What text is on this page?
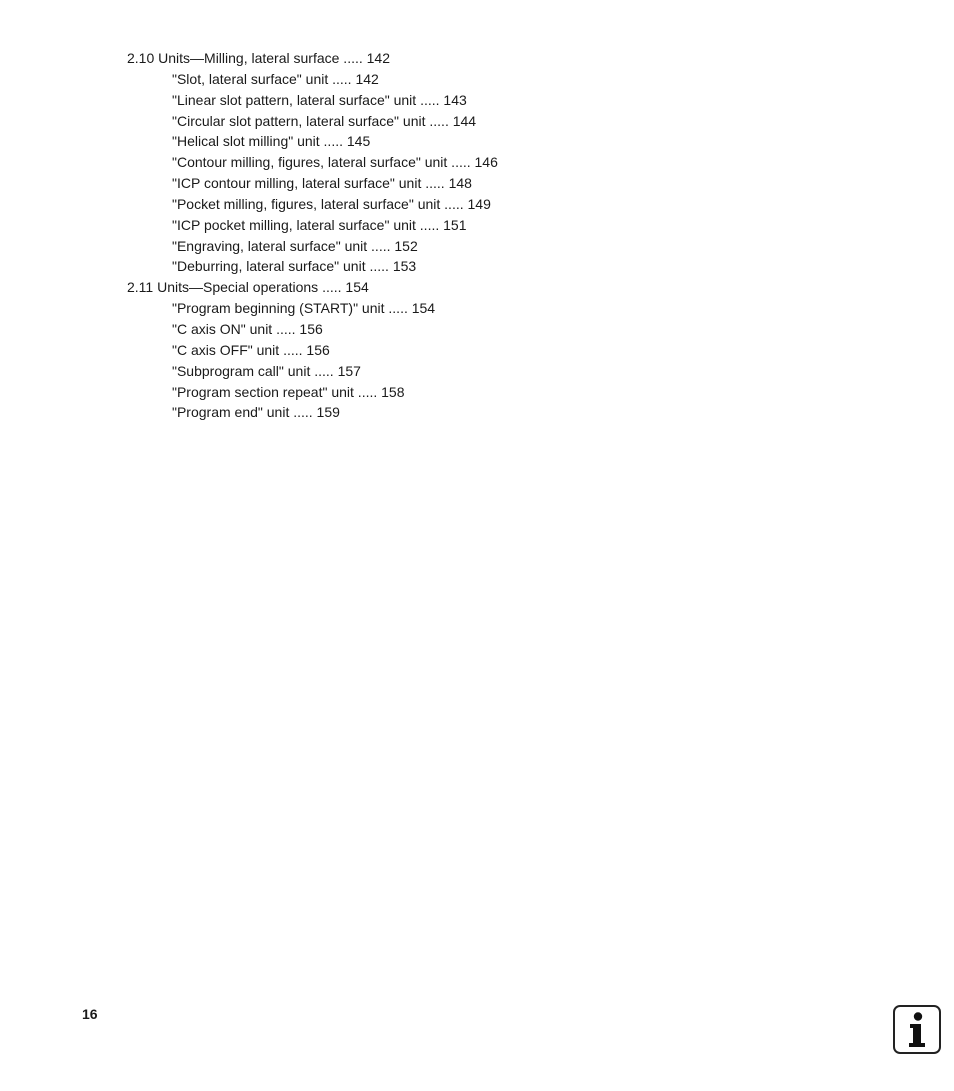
2.10 Units—Milling, lateral surface ..... 142
"Slot, lateral surface" unit ..... 142
"Linear slot pattern, lateral surface" unit ..... 143
"Circular slot pattern, lateral surface" unit ..... 144
"Helical slot milling" unit ..... 145
"Contour milling, figures, lateral surface" unit ..... 146
"ICP contour milling, lateral surface" unit ..... 148
"Pocket milling, figures, lateral surface" unit ..... 149
"ICP pocket milling, lateral surface" unit ..... 151
"Engraving, lateral surface" unit ..... 152
"Deburring, lateral surface" unit ..... 153
2.11 Units—Special operations ..... 154
"Program beginning (START)" unit ..... 154
"C axis ON" unit ..... 156
"C axis OFF" unit ..... 156
"Subprogram call" unit ..... 157
"Program section repeat" unit ..... 158
"Program end" unit ..... 159
16
